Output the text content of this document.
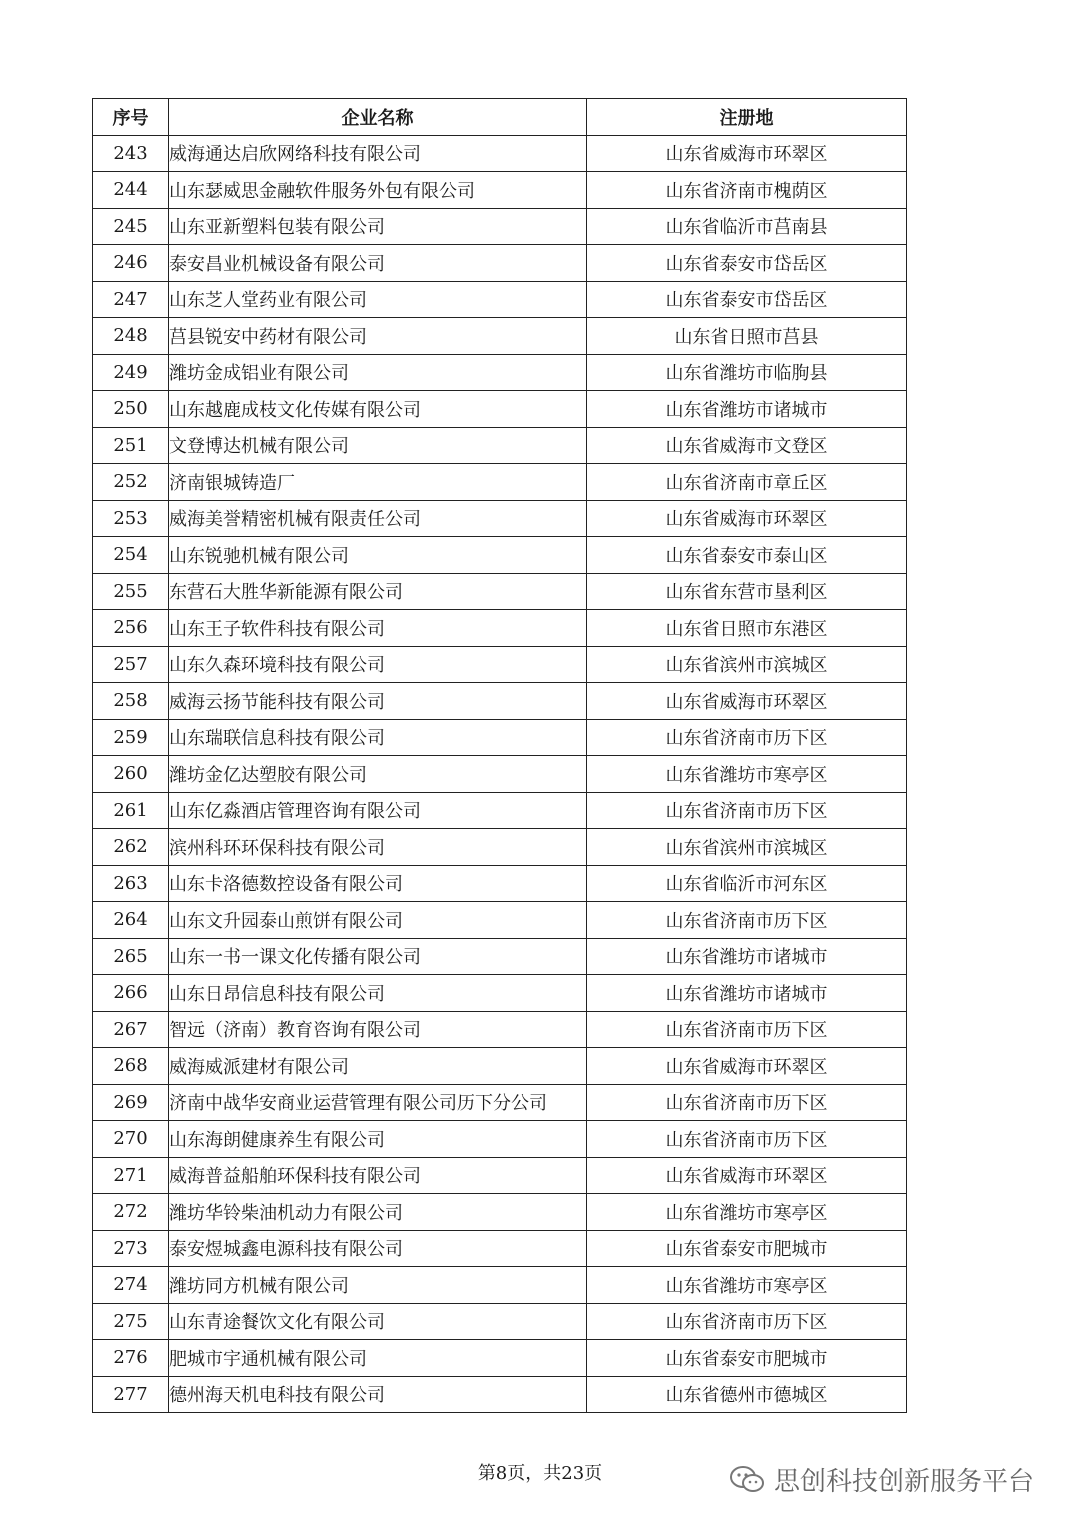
序号	企业名称	注册地
243	威海通达启欣网络科技有限公司	山东省威海市环翠区
244	山东瑟威思金融软件服务外包有限公司	山东省济南市槐荫区
245	山东亚新塑料包装有限公司	山东省临沂市莒南县
246	泰安昌业机械设备有限公司	山东省泰安市岱岳区
247	山东芝人堂药业有限公司	山东省泰安市岱岳区
248	莒县锐安中药材有限公司	山东省日照市莒县
249	潍坊金成铝业有限公司	山东省潍坊市临朐县
250	山东越鹿成枝文化传媒有限公司	山东省潍坊市诸城市
251	文登博达机械有限公司	山东省威海市文登区
252	济南银城铸造厂	山东省济南市章丘区
253	威海美誉精密机械有限责任公司	山东省威海市环翠区
254	山东锐驰机械有限公司	山东省泰安市泰山区
255	东营石大胜华新能源有限公司	山东省东营市垦利区
256	山东王子软件科技有限公司	山东省日照市东港区
257	山东久森环境科技有限公司	山东省滨州市滨城区
258	威海云扬节能科技有限公司	山东省威海市环翠区
259	山东瑞联信息科技有限公司	山东省济南市历下区
260	潍坊金亿达塑胶有限公司	山东省潍坊市寒亭区
261	山东亿淼酒店管理咨询有限公司	山东省济南市历下区
262	滨州科环环保科技有限公司	山东省滨州市滨城区
263	山东卡洛德数控设备有限公司	山东省临沂市河东区
264	山东文升园泰山煎饼有限公司	山东省济南市历下区
265	山东一书一课文化传播有限公司	山东省潍坊市诸城市
266	山东日昂信息科技有限公司	山东省潍坊市诸城市
267	智远（济南）教育咨询有限公司	山东省济南市历下区
268	威海威派建材有限公司	山东省威海市环翠区
269	济南中战华安商业运营管理有限公司历下分公司	山东省济南市历下区
270	山东海朗健康养生有限公司	山东省济南市历下区
271	威海普益船舶环保科技有限公司	山东省威海市环翠区
272	潍坊华铃柴油机动力有限公司	山东省潍坊市寒亭区
273	泰安煜城鑫电源科技有限公司	山东省泰安市肥城市
274	潍坊同方机械有限公司	山东省潍坊市寒亭区
275	山东青途餐饮文化有限公司	山东省济南市历下区
276	肥城市宇通机械有限公司	山东省泰安市肥城市
277	德州海天机电科技有限公司	山东省德州市德城区
第8页，共23页	思创科技创新服务平台
